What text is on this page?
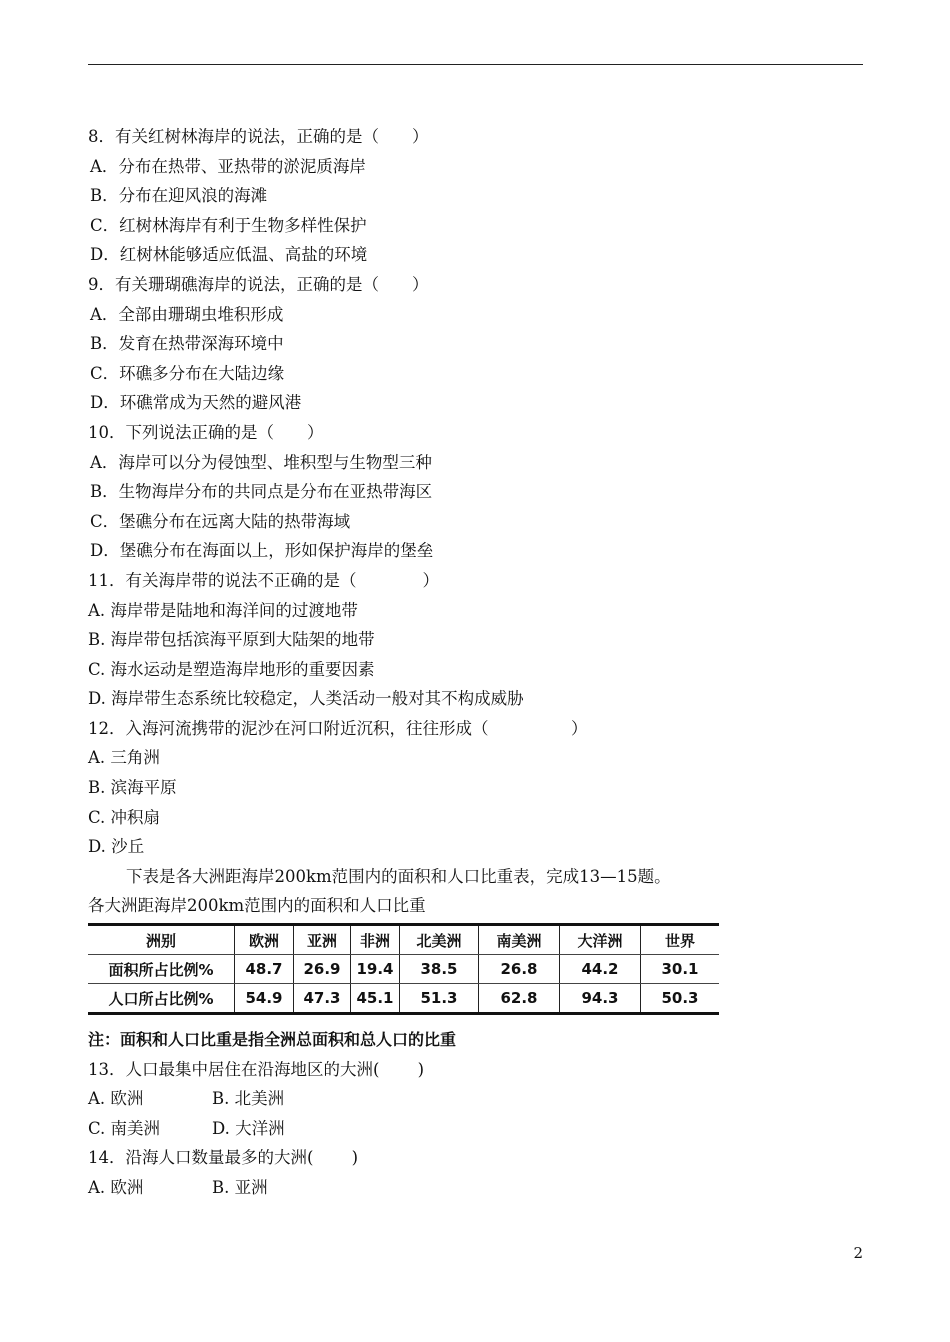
8．有关红树林海岸的说法，正确的是（　　）
A．分布在热带、亚热带的淤泥质海岸
B．分布在迎风浪的海滩
C．红树林海岸有利于生物多样性保护
D．红树林能够适应低温、高盐的环境
9．有关珊瑚礁海岸的说法，正确的是（　　）
A．全部由珊瑚虫堆积形成
B．发育在热带深海环境中
C．环礁多分布在大陆边缘
D．环礁常成为天然的避风港
10．下列说法正确的是（　　）
A．海岸可以分为侵蚀型、堆积型与生物型三种
B．生物海岸分布的共同点是分布在亚热带海区
C．堡礁分布在远离大陆的热带海域
D．堡礁分布在海面以上，形如保护海岸的堡垒
11．有关海岸带的说法不正确的是（　　　　）
A. 海岸带是陆地和海洋间的过渡地带
B. 海岸带包括滨海平原到大陆架的地带
C. 海水运动是塑造海岸地形的重要因素
D. 海岸带生态系统比较稳定，人类活动一般对其不构成威胁
12．入海河流携带的泥沙在河口附近沉积，往往形成（　　　　　）
A. 三角洲
B. 滨海平原
C. 冲积扇
D. 沙丘
下表是各大洲距海岸200km范围内的面积和人口比重表，完成13—15题。
各大洲距海岸200km范围内的面积和人口比重
洲别	欧洲	亚洲	非洲	北美洲	南美洲	大洋洲	世界
面积所占比例%	48.7	26.9	19.4	38.5	26.8	44.2	30.1
人口所占比例%	54.9	47.3	45.1	51.3	62.8	94.3	50.3
注：面积和人口比重是指全洲总面积和总人口的比重
13．人口最集中居住在沿海地区的大洲(　　 )
A. 欧洲	B. 北美洲
C. 南美洲	D. 大洋洲
14．沿海人口数量最多的大洲(　　 )
A. 欧洲	B. 亚洲
2
